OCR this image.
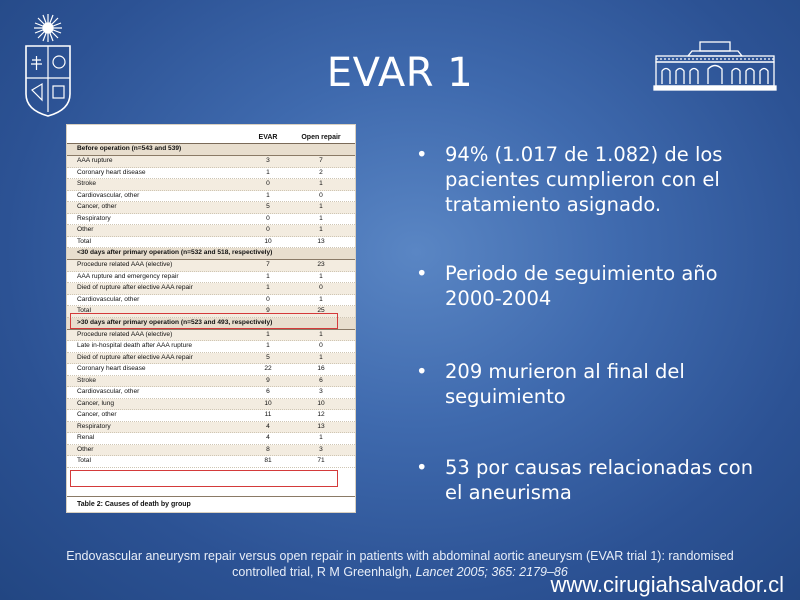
EVAR 1
EVAR	Open repair
Before operation (n=543 and 539)
AAA rupture	3	7
Coronary heart disease	1	2
Stroke	0	1
Cardiovascular, other	1	0
Cancer, other	5	1
Respiratory	0	1
Other	0	1
Total	10	13
<30 days after primary operation (n=532 and 518, respectively)
Procedure related AAA (elective)	7	23
AAA rupture and emergency repair	1	1
Died of rupture after elective AAA repair	1	0
Cardiovascular, other	0	1
Total	9	25
>30 days after primary operation (n=523 and 493, respectively)
Procedure related AAA (elective)	1	1
Late in-hospital death after AAA rupture	1	0
Died of rupture after elective AAA repair	5	1
Coronary heart disease	22	16
Stroke	9	6
Cardiovascular, other	6	3
Cancer, lung	10	10
Cancer, other	11	12
Respiratory	4	13
Renal	4	1
Other	8	3
Total	81	71
Table 2: Causes of death by group
• 94% (1.017 de 1.082) de los pacientes cumplieron con el tratamiento asignado.
• Periodo de seguimiento año 2000-2004
• 209 murieron al final del seguimiento
• 53 por causas relacionadas con el aneurisma
Endovascular aneurysm repair versus open repair in patients with abdominal aortic aneurysm (EVAR trial 1): randomised
controlled trial, R M Greenhalgh, Lancet 2005; 365: 2179–86
www.cirugiahsalvador.cl
